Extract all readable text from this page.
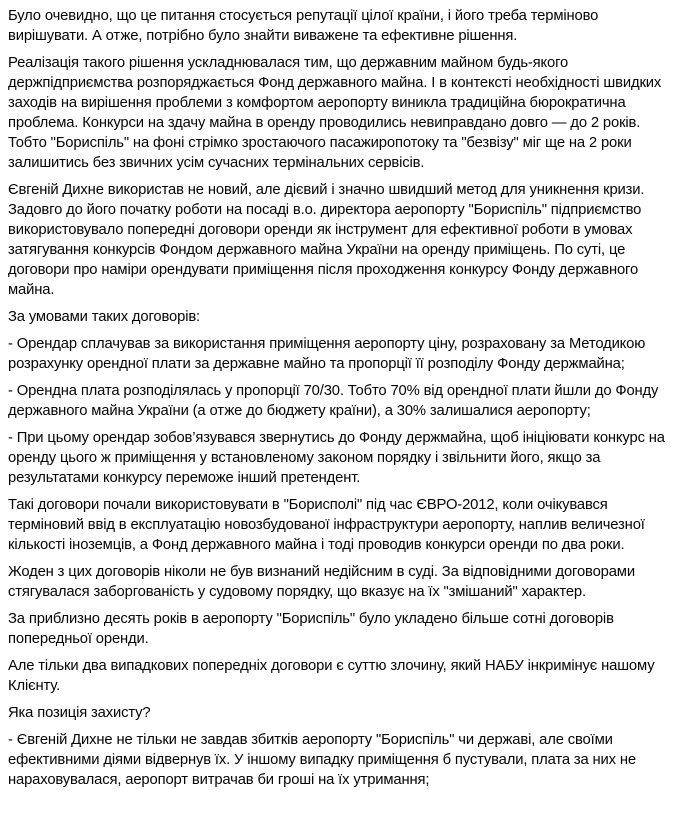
Було очевидно, що це питання стосується репутації цілої країни, і його треба терміново вирішувати. А отже, потрібно було знайти виважене та ефективне рішення.

Реалізація такого рішення ускладнювалася тим, що державним майном будь-якого держпідприємства розпоряджається Фонд державного майна. І в контексті необхідності швидких заходів на вирішення проблеми з комфортом аеропорту виникла традиційна бюрократична проблема. Конкурси на здачу майна в оренду проводились невиправдано довго — до 2 років. Тобто "Бориспіль" на фоні стрімко зростаючого пасажиропотоку та "безвізу" міг ще на 2 роки залишитись без звичних усім сучасних термінальних сервісів.

Євгеній Дихне використав не новий, але дієвий і значно швидший метод для уникнення кризи. Задовго до його початку роботи на посаді в.о. директора аеропорту "Бориспіль" підприємство використовувало попередні договори оренди як інструмент для ефективної роботи в умовах затягування конкурсів Фондом державного майна України на оренду приміщень. По суті, це договори про наміри орендувати приміщення після проходження конкурсу Фонду державного майна.

За умовами таких договорів:

- Орендар сплачував за використання приміщення аеропорту ціну, розраховану за Методикою розрахунку орендної плати за державне майно та пропорції її розподілу Фонду держмайна;

- Орендна плата розподілялась у пропорції 70/30. Тобто 70% від орендної плати йшли до Фонду державного майна України (а отже до бюджету країни), а 30% залишалися аеропорту;

- При цьому орендар зобов’язувався звернутись до Фонду держмайна, щоб ініціювати конкурс на оренду цього ж приміщення у встановленому законом порядку і звільнити його, якщо за результатами конкурсу переможе інший претендент.

Такі договори почали використовувати в "Борисполі" під час ЄВРО-2012, коли очікувався терміновий ввід в експлуатацію новозбудованої інфраструктури аеропорту, наплив величезної кількості іноземців, а Фонд державного майна і тоді проводив конкурси оренди по два роки.

Жоден з цих договорів ніколи не був визнаний недійсним в суді. За відповідними договорами стягувалася заборгованість у судовому порядку, що вказує на їх "змішаний" характер.

За приблизно десять років в аеропорту "Бориспіль" було укладено більше сотні договорів попередньої оренди.

Але тільки два випадкових попередніх договори є суттю злочину, який НАБУ інкримінує нашому Клієнту.

Яка позиція захисту?

- Євгеній Дихне не тільки не завдав збитків аеропорту "Бориспіль" чи державі, але своїми ефективними діями відвернув їх. У іншому випадку приміщення б пустували, плата за них не нараховувалася, аеропорт витрачав би гроші на їх утримання;
